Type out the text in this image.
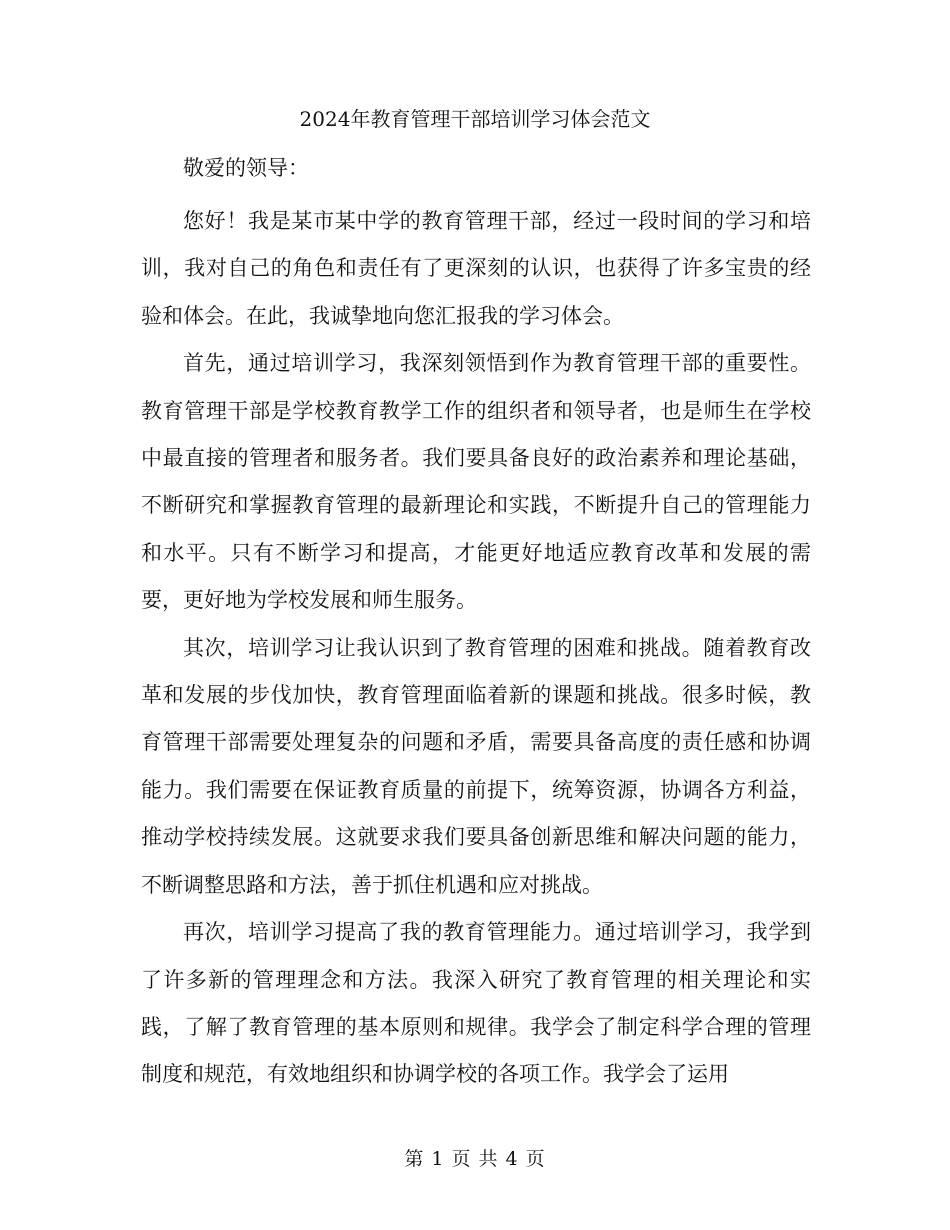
2024年教育管理干部培训学习体会范文

敬爱的领导：

您好！我是某市某中学的教育管理干部，经过一段时间的学习和培训，我对自己的角色和责任有了更深刻的认识，也获得了许多宝贵的经验和体会。在此，我诚挚地向您汇报我的学习体会。

首先，通过培训学习，我深刻领悟到作为教育管理干部的重要性。教育管理干部是学校教育教学工作的组织者和领导者，也是师生在学校中最直接的管理者和服务者。我们要具备良好的政治素养和理论基础，不断研究和掌握教育管理的最新理论和实践，不断提升自己的管理能力和水平。只有不断学习和提高，才能更好地适应教育改革和发展的需要，更好地为学校发展和师生服务。

其次，培训学习让我认识到了教育管理的困难和挑战。随着教育改革和发展的步伐加快，教育管理面临着新的课题和挑战。很多时候，教育管理干部需要处理复杂的问题和矛盾，需要具备高度的责任感和协调能力。我们需要在保证教育质量的前提下，统筹资源，协调各方利益，推动学校持续发展。这就要求我们要具备创新思维和解决问题的能力，不断调整思路和方法，善于抓住机遇和应对挑战。

再次，培训学习提高了我的教育管理能力。通过培训学习，我学到了许多新的管理理念和方法。我深入研究了教育管理的相关理论和实践，了解了教育管理的基本原则和规律。我学会了制定科学合理的管理制度和规范，有效地组织和协调学校的各项工作。我学会了运用

第 1 页 共 4 页
